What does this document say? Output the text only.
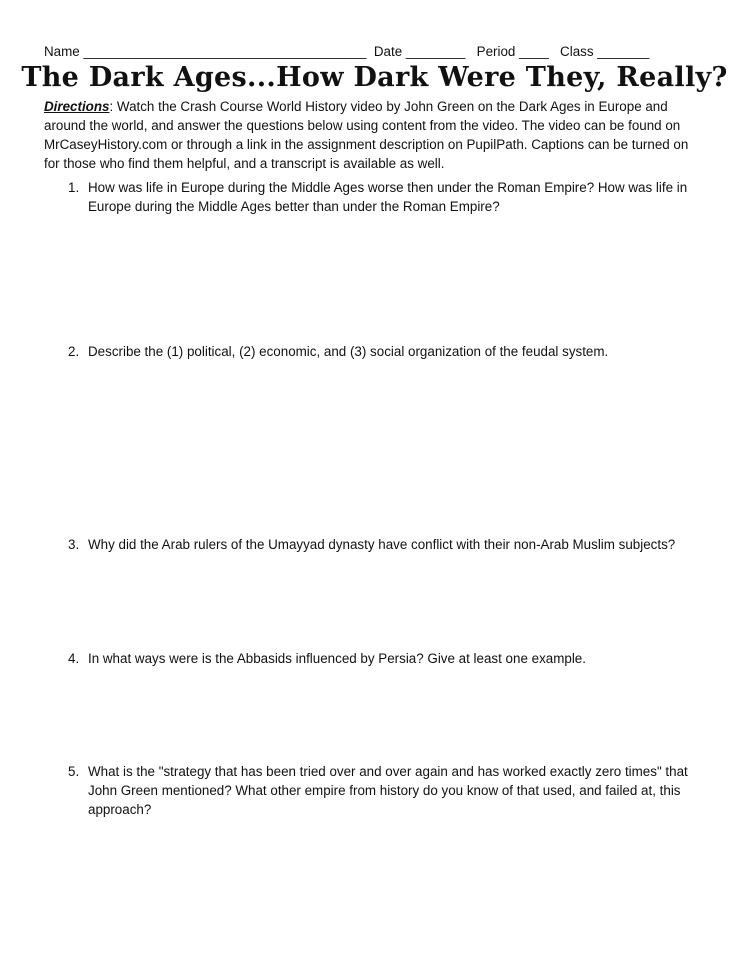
Name ______________________________________  Date ________   Period ____   Class _______
The Dark Ages...How Dark Were They, Really?
Directions: Watch the Crash Course World History video by John Green on the Dark Ages in Europe and around the world, and answer the questions below using content from the video. The video can be found on MrCaseyHistory.com or through a link in the assignment description on PupilPath. Captions can be turned on for those who find them helpful, and a transcript is available as well.
1. How was life in Europe during the Middle Ages worse then under the Roman Empire? How was life in Europe during the Middle Ages better than under the Roman Empire?
2. Describe the (1) political, (2) economic, and (3) social organization of the feudal system.
3. Why did the Arab rulers of the Umayyad dynasty have conflict with their non-Arab Muslim subjects?
4. In what ways were is the Abbasids influenced by Persia? Give at least one example.
5. What is the "strategy that has been tried over and over again and has worked exactly zero times" that John Green mentioned? What other empire from history do you know of that used, and failed at, this approach?
